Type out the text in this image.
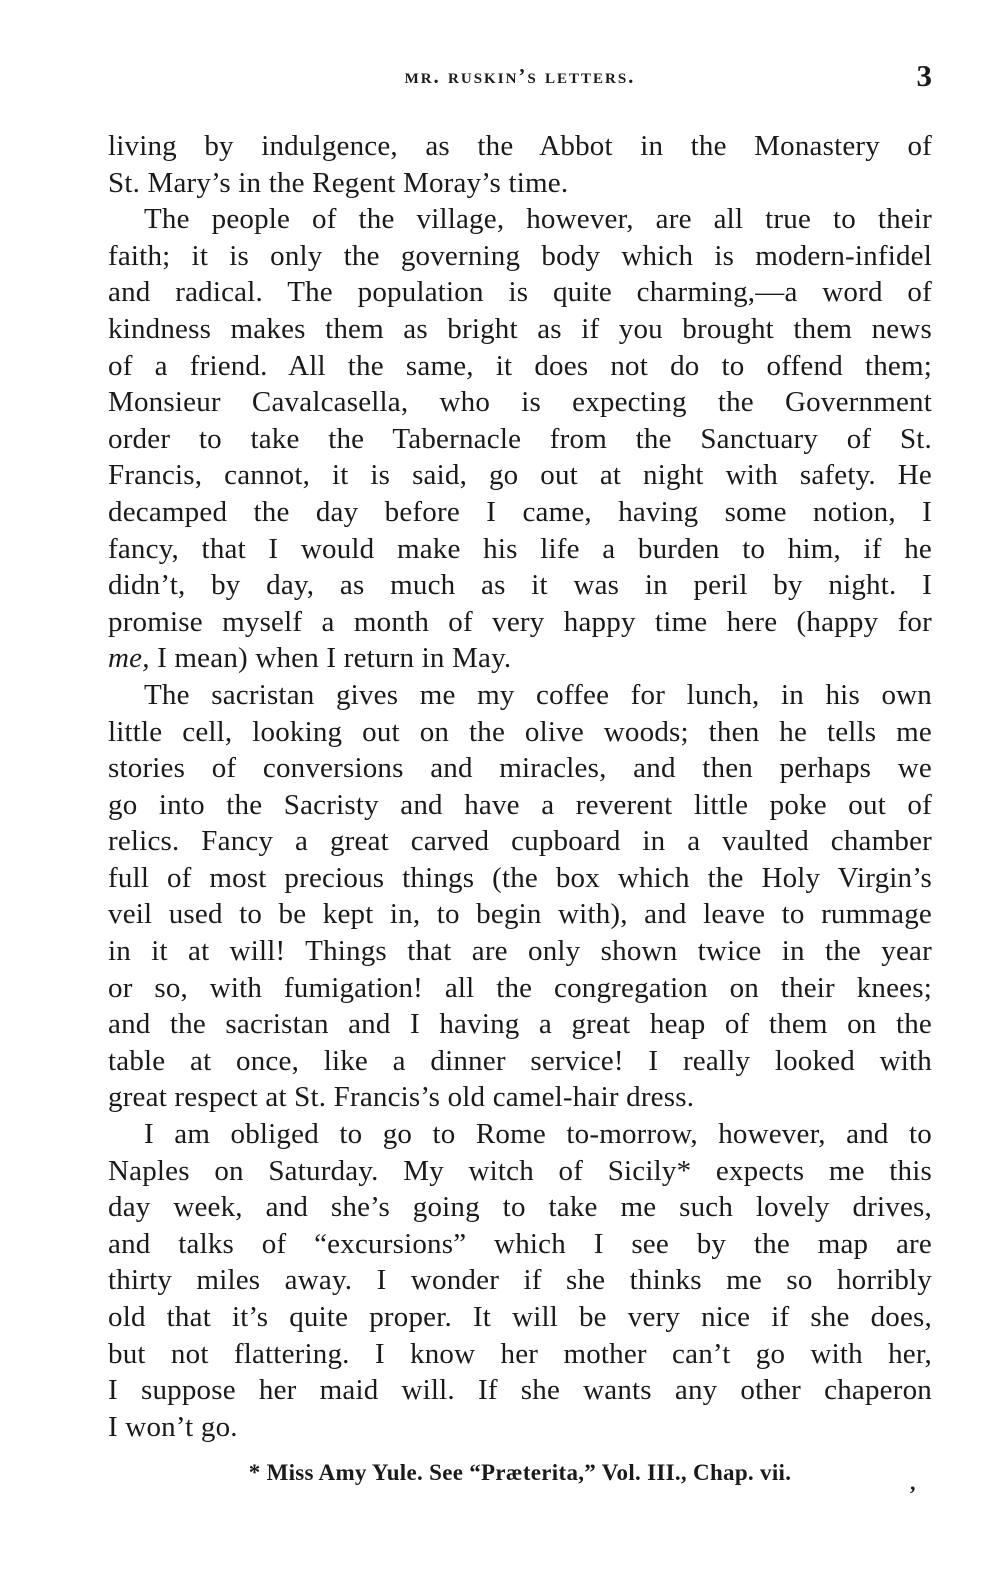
mr. ruskin’s letters.	3
living by indulgence, as the Abbot in the Monastery of
St. Mary’s in the Regent Moray’s time.
The people of the village, however, are all true to their
faith; it is only the governing body which is modern-infidel
and radical. The population is quite charming,—a word of
kindness makes them as bright as if you brought them news
of a friend. All the same, it does not do to offend them;
Monsieur Cavalcasella, who is expecting the Government
order to take the Tabernacle from the Sanctuary of St.
Francis, cannot, it is said, go out at night with safety. He
decamped the day before I came, having some notion, I
fancy, that I would make his life a burden to him, if he
didn’t, by day, as much as it was in peril by night. I
promise myself a month of very happy time here (happy for
me, I mean) when I return in May.
The sacristan gives me my coffee for lunch, in his own
little cell, looking out on the olive woods; then he tells me
stories of conversions and miracles, and then perhaps we
go into the Sacristy and have a reverent little poke out of
relics. Fancy a great carved cupboard in a vaulted chamber
full of most precious things (the box which the Holy Virgin’s
veil used to be kept in, to begin with), and leave to rummage
in it at will! Things that are only shown twice in the year
or so, with fumigation! all the congregation on their knees;
and the sacristan and I having a great heap of them on the
table at once, like a dinner service! I really looked with
great respect at St. Francis’s old camel-hair dress.
I am obliged to go to Rome to-morrow, however, and to
Naples on Saturday. My witch of Sicily* expects me this
day week, and she’s going to take me such lovely drives,
and talks of “excursions” which I see by the map are
thirty miles away. I wonder if she thinks me so horribly
old that it’s quite proper. It will be very nice if she does,
but not flattering. I know her mother can’t go with her,
I suppose her maid will. If she wants any other chaperon
I won’t go.
* Miss Amy Yule. See “Præterita,” Vol. III., Chap. vii.	,
